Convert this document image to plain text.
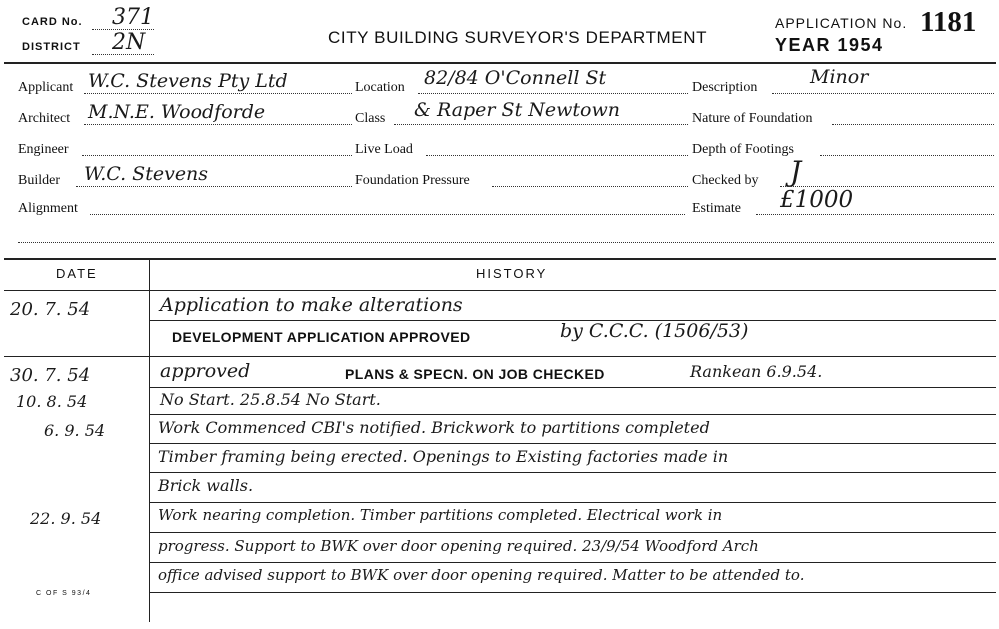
CARD No. 371
DISTRICT 2N	CITY BUILDING SURVEYOR'S DEPARTMENT
APPLICATION No. 1181
YEAR 1954
Applicant W.C. Stevens Pty Ltd
Architect M.N.E. Woodforde
Engineer
Builder W.C. Stevens
Alignment
Location 82/84 O'Connell St
Class & Raper St Newtown
Live Load
Foundation Pressure
Description	Minor
Nature of Foundation
Depth of Footings
Checked by J
Estimate £1000
DATE	HISTORY
20. 7. 54	Application to make alterations
DEVELOPMENT APPLICATION APPROVED	by C.C.C. (1506/53)
30. 7. 54	approved	PLANS & SPECN. ON JOB CHECKED	Rankean 6.9.54.
10. 8. 54	No Start. 25.8.54 No Start.
6. 9. 54	Work Commenced CBI's notified. Brickwork to partitions completed
Timber framing being erected. Openings to Existing factories made in
Brick walls.
22. 9. 54	Work nearing completion. Timber partitions completed. Electrical work in
progress. Support to BWK over door opening required. 23/9/54 Woodford Arch
office advised support to BWK over door opening required. Matter to be attended to.
C OF S 93/4
